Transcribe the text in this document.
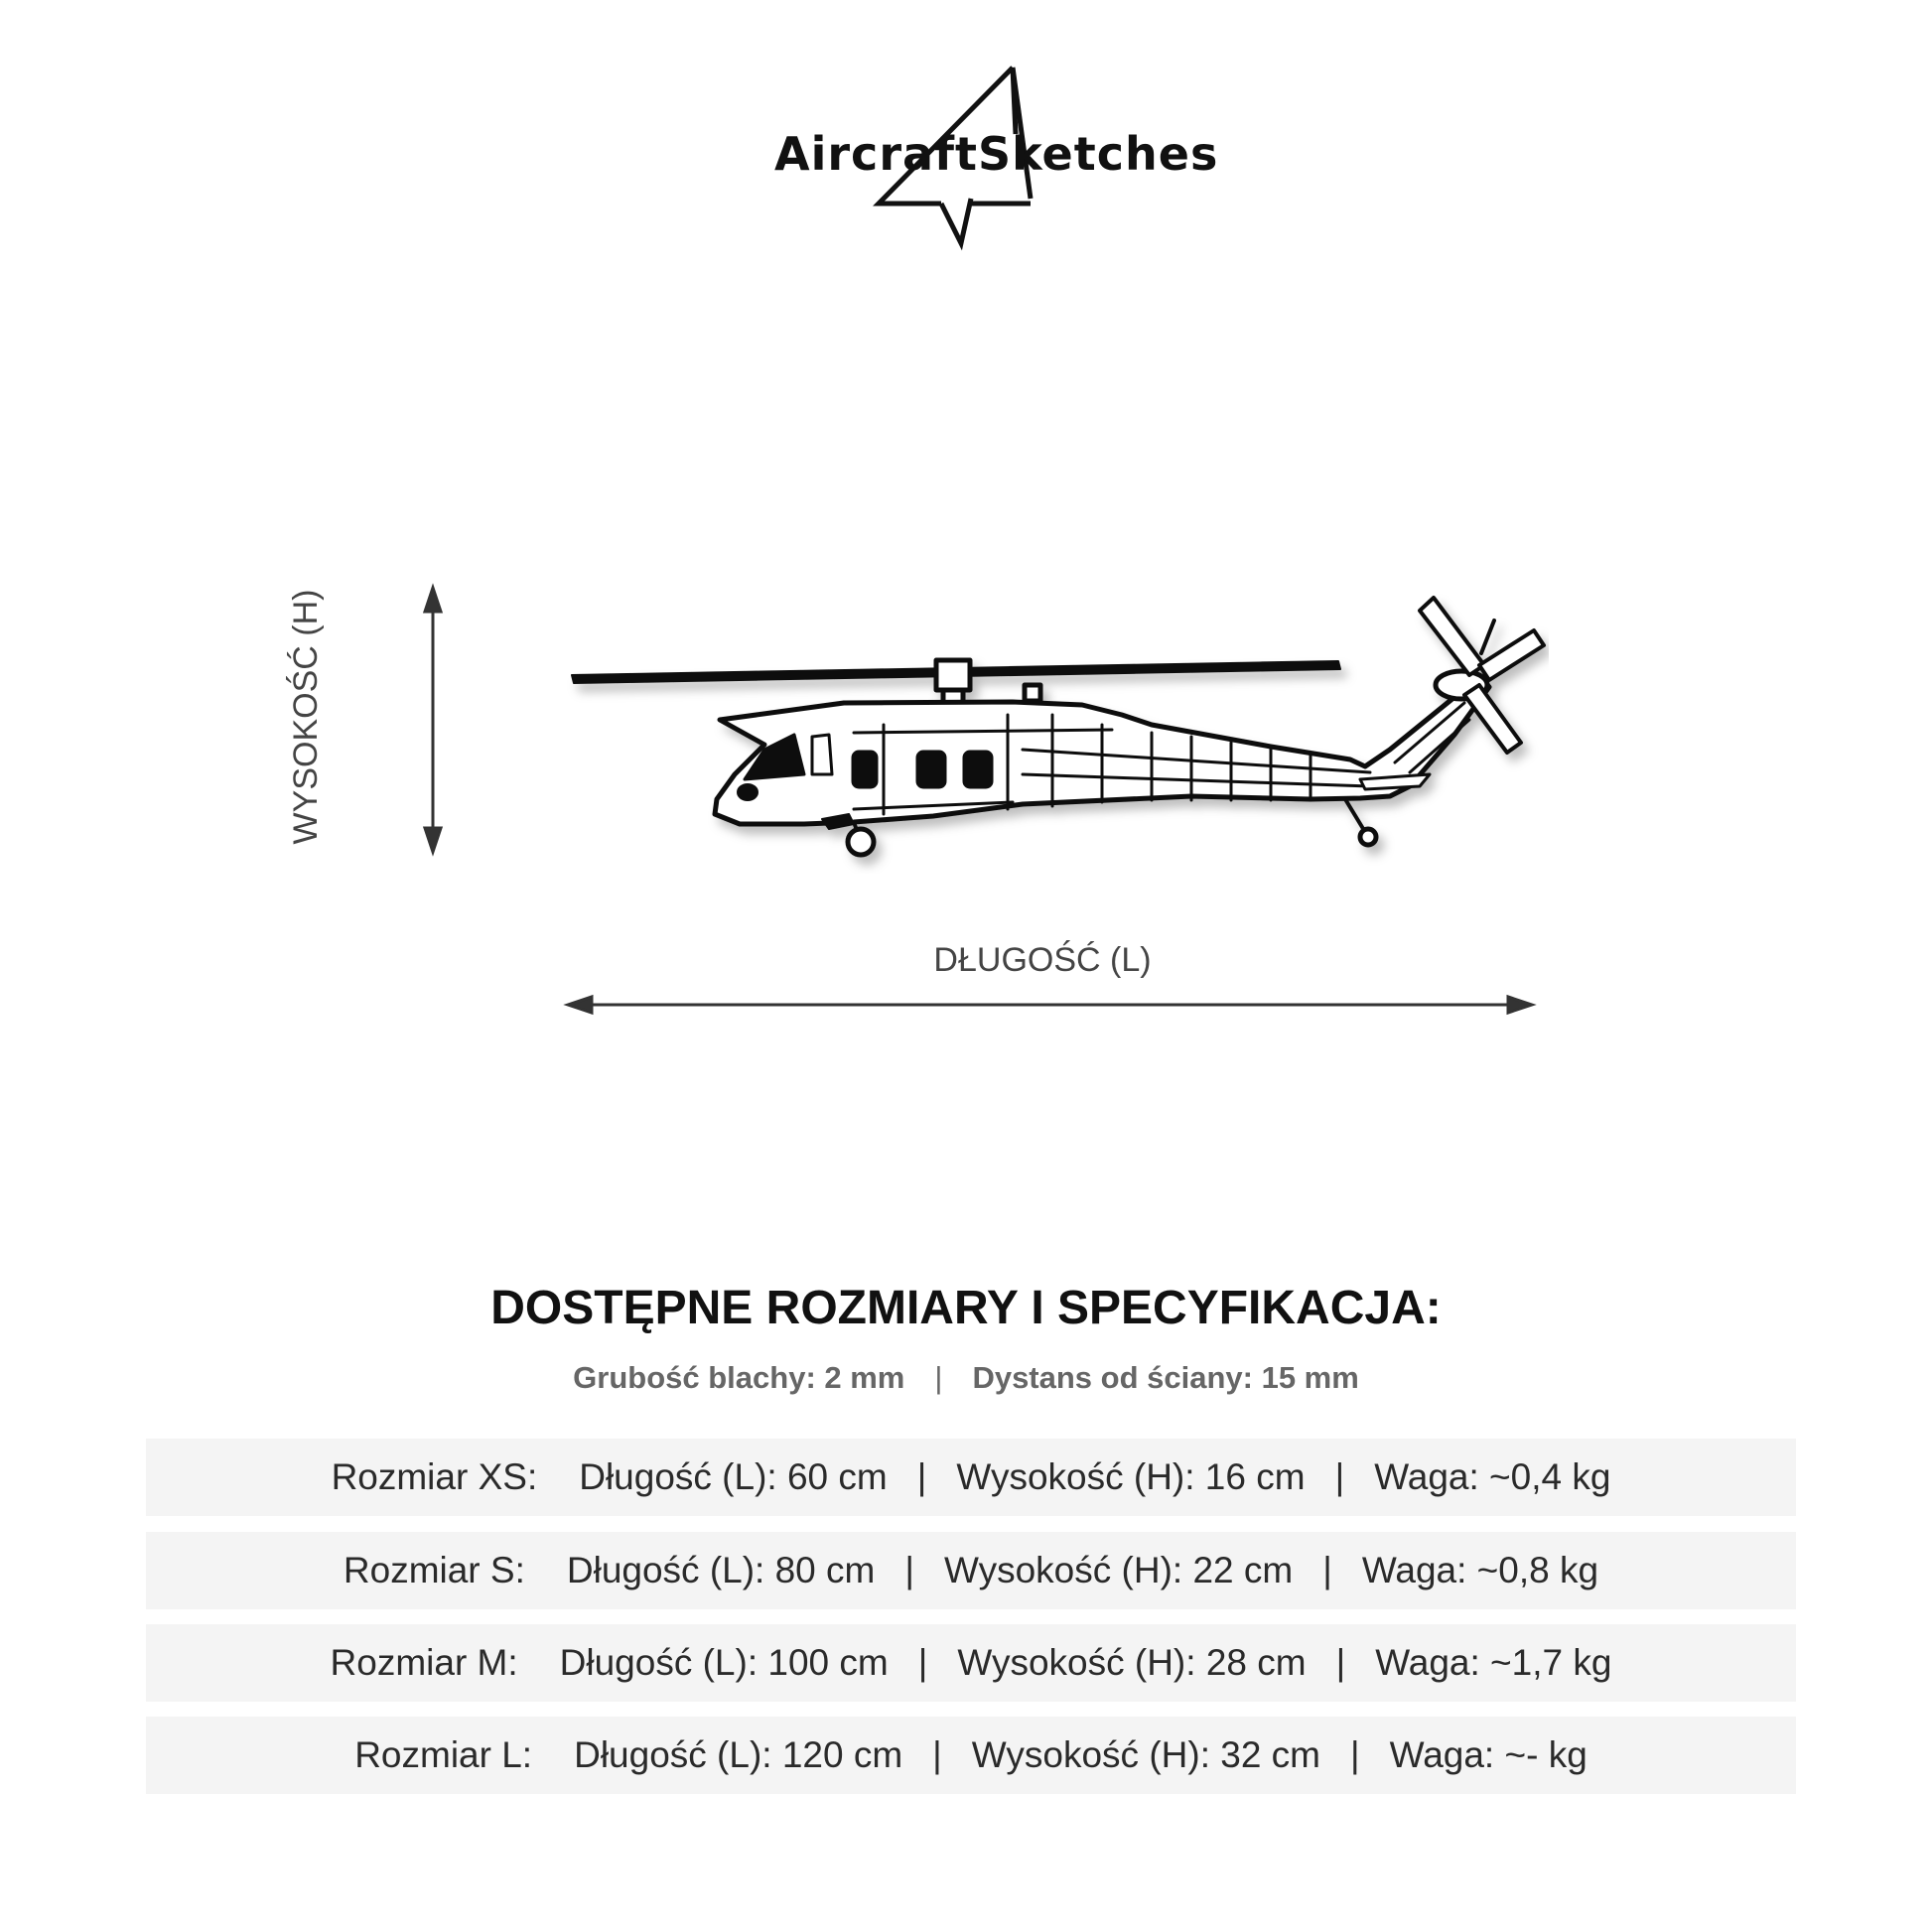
AircraftSketches
WYSOKOŚĆ (H)
DŁUGOŚĆ (L)
DOSTĘPNE ROZMIARY I SPECYFIKACJA:
Grubość blachy: 2 mm | Dystans od ściany: 15 mm
Rozmiar XS: Długość (L): 60 cm | Wysokość (H): 16 cm | Waga: ~0,4 kg
Rozmiar S: Długość (L): 80 cm | Wysokość (H): 22 cm | Waga: ~0,8 kg
Rozmiar M: Długość (L): 100 cm | Wysokość (H): 28 cm | Waga: ~1,7 kg
Rozmiar L: Długość (L): 120 cm | Wysokość (H): 32 cm | Waga: ~- kg
